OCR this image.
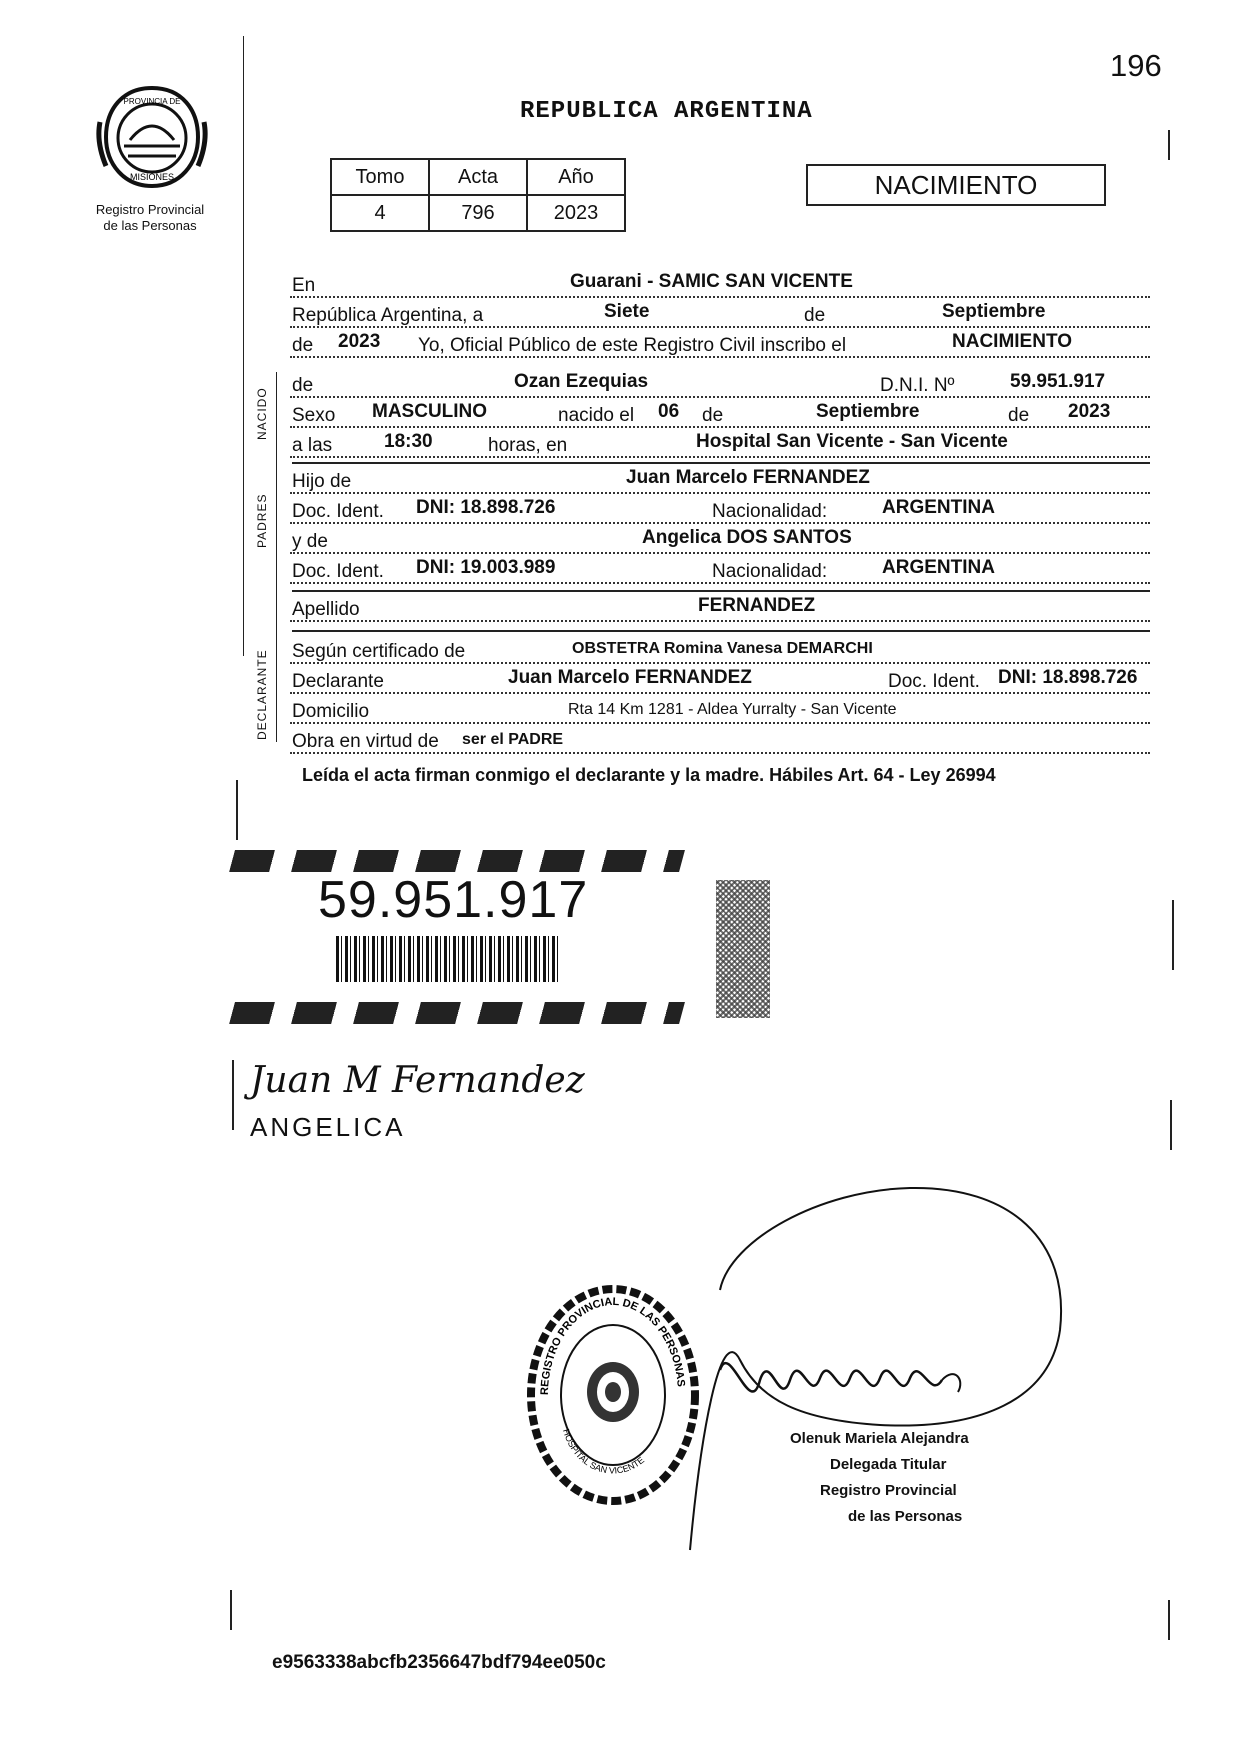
196
PROVINCIA DE
MISIONES
Registro Provincial
de las Personas
REPUBLICA ARGENTINA
Tomo	Acta	Año
4	796	2023
NACIMIENTO
NACIDO
PADRES
DECLARANTE
En	Guarani - SAMIC SAN VICENTE
República Argentina, a	Siete	de	Septiembre
de 2023 Yo, Oficial Público de este Registro Civil inscribo el	NACIMIENTO
de	Ozan Ezequias	D.N.I. Nº	59.951.917
Sexo MASCULINO	nacido el 06 de	Septiembre	de 2023
a las	18:30	horas, en	Hospital San Vicente - San Vicente
Hijo de	Juan Marcelo FERNANDEZ
Doc. Ident. DNI: 18.898.726	Nacionalidad:	ARGENTINA
y de	Angelica DOS SANTOS
Doc. Ident. DNI: 19.003.989	Nacionalidad:	ARGENTINA
Apellido	FERNANDEZ
Según certificado de	OBSTETRA Romina Vanesa DEMARCHI
Declarante	Juan Marcelo FERNANDEZ	Doc. Ident. DNI: 18.898.726
Domicilio	Rta 14 Km 1281 - Aldea Yurralty - San Vicente
Obra en virtud de ser el PADRE
Leída el acta firman conmigo el declarante y la madre. Hábiles Art. 64 - Ley 26994
59.951.917
Juan M Fernandez
ANGELICA
REGISTRO PROVINCIAL DE LAS PERSONAS
HOSPITAL SAN VICENTE
Olenuk Mariela Alejandra
Delegada Titular
Registro Provincial
de las Personas
e9563338abcfb2356647bdf794ee050c
